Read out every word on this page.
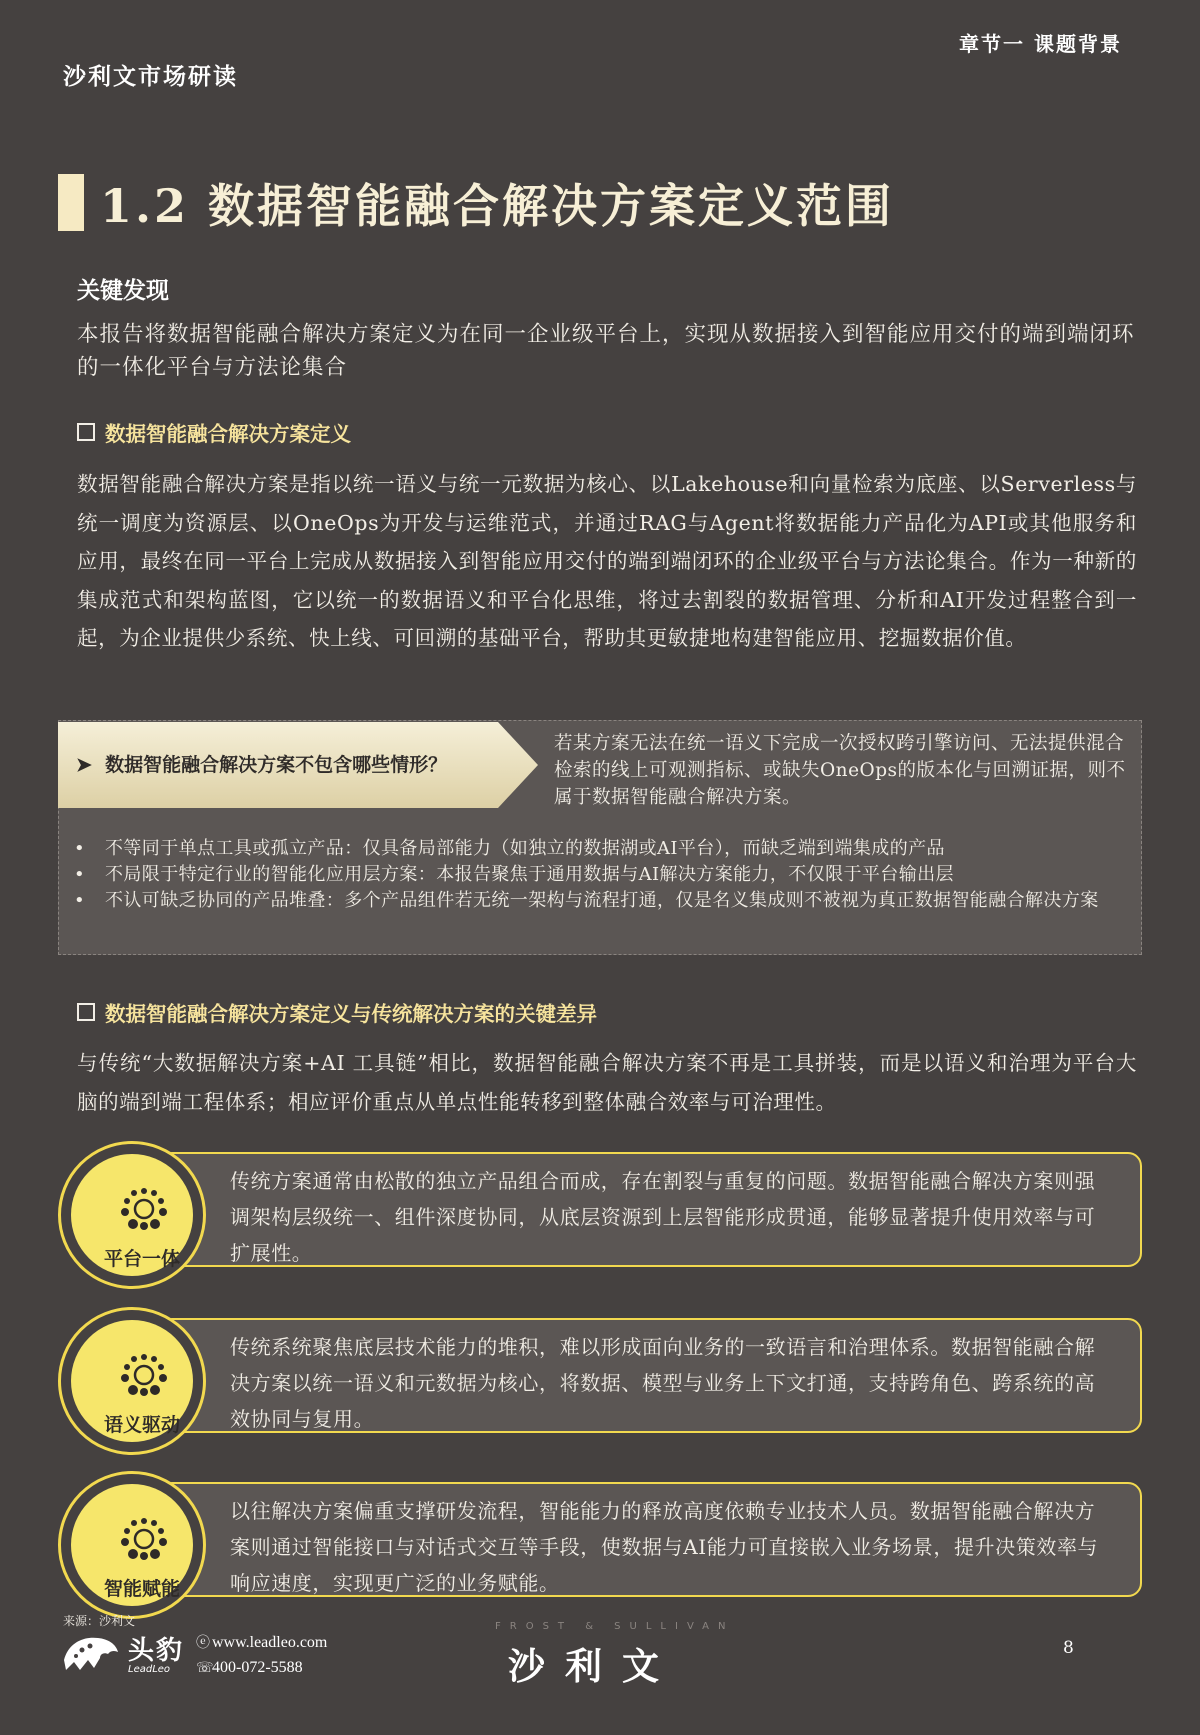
沙利文市场研读
章节一 课题背景
1.2 数据智能融合解决方案定义范围
关键发现
本报告将数据智能融合解决方案定义为在同一企业级平台上，实现从数据接入到智能应用交付的端到端闭环的一体化平台与方法论集合
数据智能融合解决方案定义
数据智能融合解决方案是指以统一语义与统一元数据为核心、以Lakehouse和向量检索为底座、以Serverless与统一调度为资源层、以OneOps为开发与运维范式，并通过RAG与Agent将数据能力产品化为API或其他服务和应用，最终在同一平台上完成从数据接入到智能应用交付的端到端闭环的企业级平台与方法论集合。作为一种新的集成范式和架构蓝图，它以统一的数据语义和平台化思维，将过去割裂的数据管理、分析和AI开发过程整合到一起，为企业提供少系统、快上线、可回溯的基础平台，帮助其更敏捷地构建智能应用、挖掘数据价值。
➤  数据智能融合解决方案不包含哪些情形？
若某方案无法在统一语义下完成一次授权跨引擎访问、无法提供混合检索的线上可观测指标、或缺失OneOps的版本化与回溯证据，则不属于数据智能融合解决方案。
• 不等同于单点工具或孤立产品：仅具备局部能力（如独立的数据湖或AI平台），而缺乏端到端集成的产品
• 不局限于特定行业的智能化应用层方案：本报告聚焦于通用数据与AI解决方案能力，不仅限于平台输出层
• 不认可缺乏协同的产品堆叠：多个产品组件若无统一架构与流程打通，仅是名义集成则不被视为真正数据智能融合解决方案
数据智能融合解决方案定义与传统解决方案的关键差异
与传统“大数据解决方案+AI 工具链”相比，数据智能融合解决方案不再是工具拼装，而是以语义和治理为平台大脑的端到端工程体系；相应评价重点从单点性能转移到整体融合效率与可治理性。
平台一体
传统方案通常由松散的独立产品组合而成，存在割裂与重复的问题。数据智能融合解决方案则强调架构层级统一、组件深度协同，从底层资源到上层智能形成贯通，能够显著提升使用效率与可扩展性。
语义驱动
传统系统聚焦底层技术能力的堆积，难以形成面向业务的一致语言和治理体系。数据智能融合解决方案以统一语义和元数据为核心，将数据、模型与业务上下文打通，支持跨角色、跨系统的高效协同与复用。
智能赋能
以往解决方案偏重支撑研发流程，智能能力的释放高度依赖专业技术人员。数据智能融合解决方案则通过智能接口与对话式交互等手段，使数据与AI能力可直接嵌入业务场景，提升决策效率与响应速度，实现更广泛的业务赋能。
来源：沙利文
头豹
LeadLeo
ⓔ www.leadleo.com
☏400-072-5588
FROST & SULLIVAN
沙利文	8
